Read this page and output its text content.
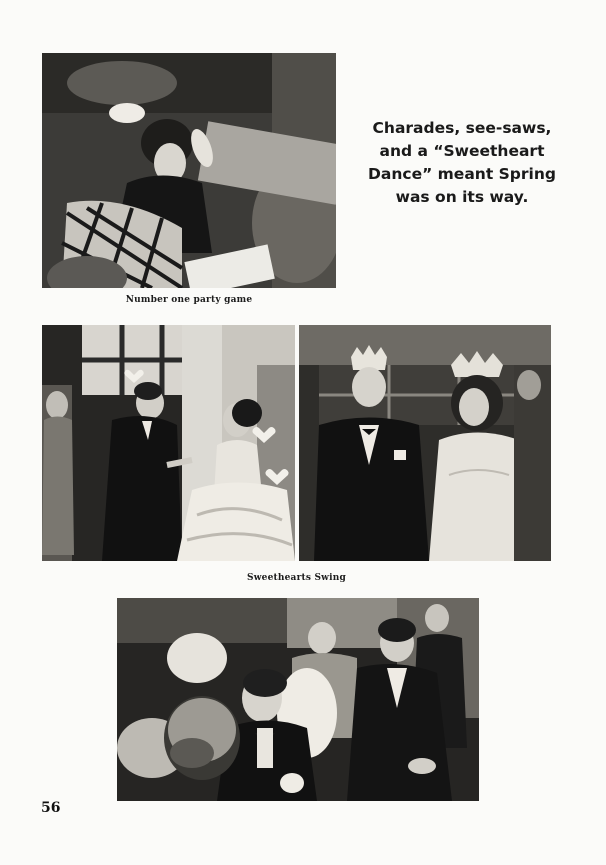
Number one party game
Charades, see-saws,
and a “Sweetheart
Dance” meant Spring
was on its way.
Sweethearts Swing
56
